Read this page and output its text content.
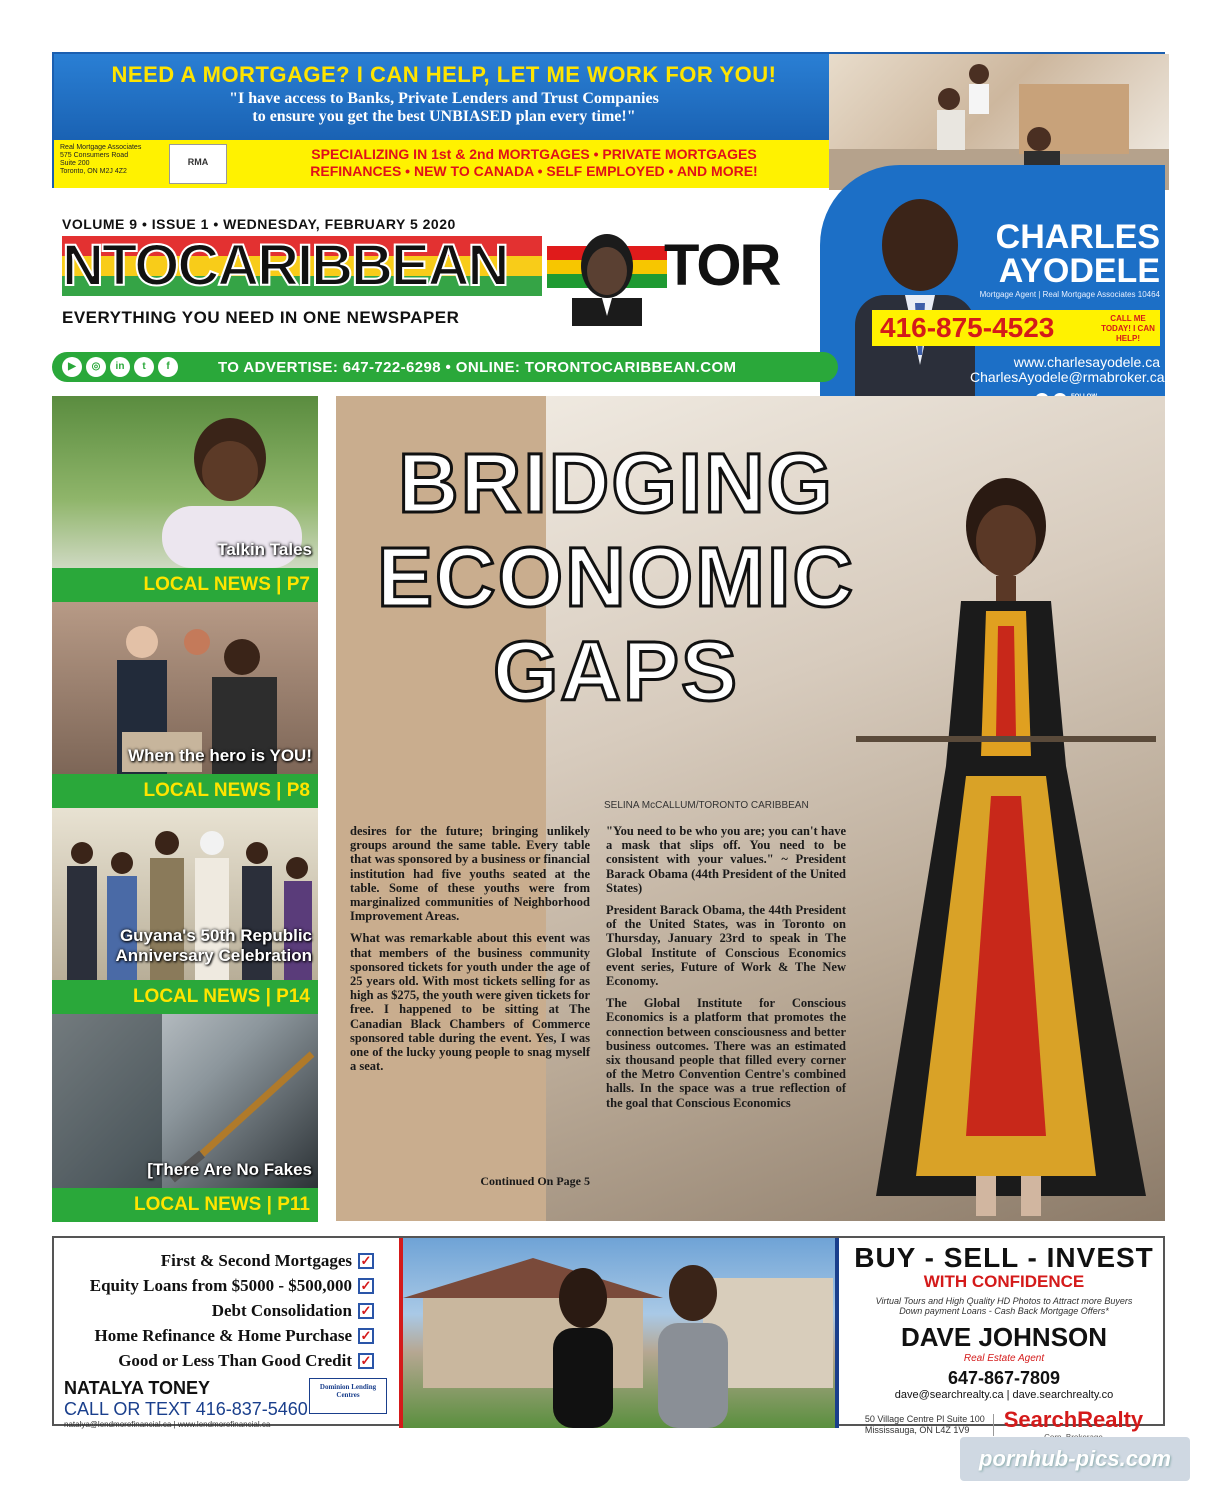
NEED A MORTGAGE? I CAN HELP, LET ME WORK FOR YOU!
"I have access to Banks, Private Lenders and Trust Companies
to ensure you get the best UNBIASED plan every time!"
Real Mortgage Associates
575 Consumers Road
Suite 200
Toronto, ON M2J 4Z2
RMA	SPECIALIZING IN 1st & 2nd MORTGAGES • PRIVATE MORTGAGES
REFINANCES • NEW TO CANADA • SELF EMPLOYED • AND MORE!
CHARLES
AYODELE
Mortgage Agent | Real Mortgage Associates 10464
416-875-4523	CALL ME TODAY! I CAN HELP!
www.charlesayodele.ca
CharlesAyodele@rmabroker.ca
VOLUME 9 • ISSUE 1 • WEDNESDAY, FEBRUARY 5 2020
NTOCARIBBEAN	TOR
EVERYTHING YOU NEED IN ONE NEWSPAPER
▶	◎	in	t	f	TO ADVERTISE: 647-722-6298 • ONLINE: TORONTOCARIBBEAN.COM
Talkin Tales
LOCAL NEWS | P7
When the hero is YOU!
LOCAL NEWS | P8
Guyana's 50th Republic Anniversary Celebration
LOCAL NEWS | P14
[There Are No Fakes
LOCAL NEWS | P11
BRIDGING
ECONOMIC
GAPS
SELINA McCALLUM/TORONTO CARIBBEAN

"You need to be who you are; you can't have a mask that slips off. You need to be consistent with your values." ~ President Barack Obama (44th President of the United States)

President Barack Obama, the 44th President of the United States, was in Toronto on Thursday, January 23rd to speak in The Global Institute of Conscious Economics event series, Future of Work & The New Economy.

The Global Institute for Conscious Economics is a platform that promotes the connection between consciousness and better business outcomes. There was an estimated six thousand people that filled every corner of the Metro Convention Centre's combined halls. In the space was a true reflection of the goal that Conscious Economics

desires for the future; bringing unlikely groups around the same table. Every table that was sponsored by a business or financial institution had five youths seated at the table. Some of these youths were from marginalized communities of Neighborhood Improvement Areas.

What was remarkable about this event was that members of the business community sponsored tickets for youth under the age of 25 years old. With most tickets selling for as high as $275, the youth were given tickets for free. I happened to be sitting at The Canadian Black Chambers of Commerce sponsored table during the event. Yes, I was one of the lucky young people to snag myself a seat.

Continued On Page 5
First & Second Mortgages ✓
Equity Loans from $5000 - $500,000 ✓
Debt Consolidation ✓
Home Refinance & Home Purchase ✓
Good or Less Than Good Credit ✓
NATALYA TONEY
CALL OR TEXT 416-837-5460
natalya@lendmorefinancial.ca | www.lendmorefinancial.ca
Dominion Lending Centres
BUY - SELL - INVEST
WITH CONFIDENCE
Virtual Tours and High Quality HD Photos to Attract more Buyers
Down payment Loans - Cash Back Mortgage Offers*
DAVE JOHNSON
Real Estate Agent
647-867-7809
dave@searchrealty.ca | dave.searchrealty.co
50 Village Centre Pl Suite 100
Mississauga, ON L4Z 1V9	SearchRealty
pornhub-pics.com
